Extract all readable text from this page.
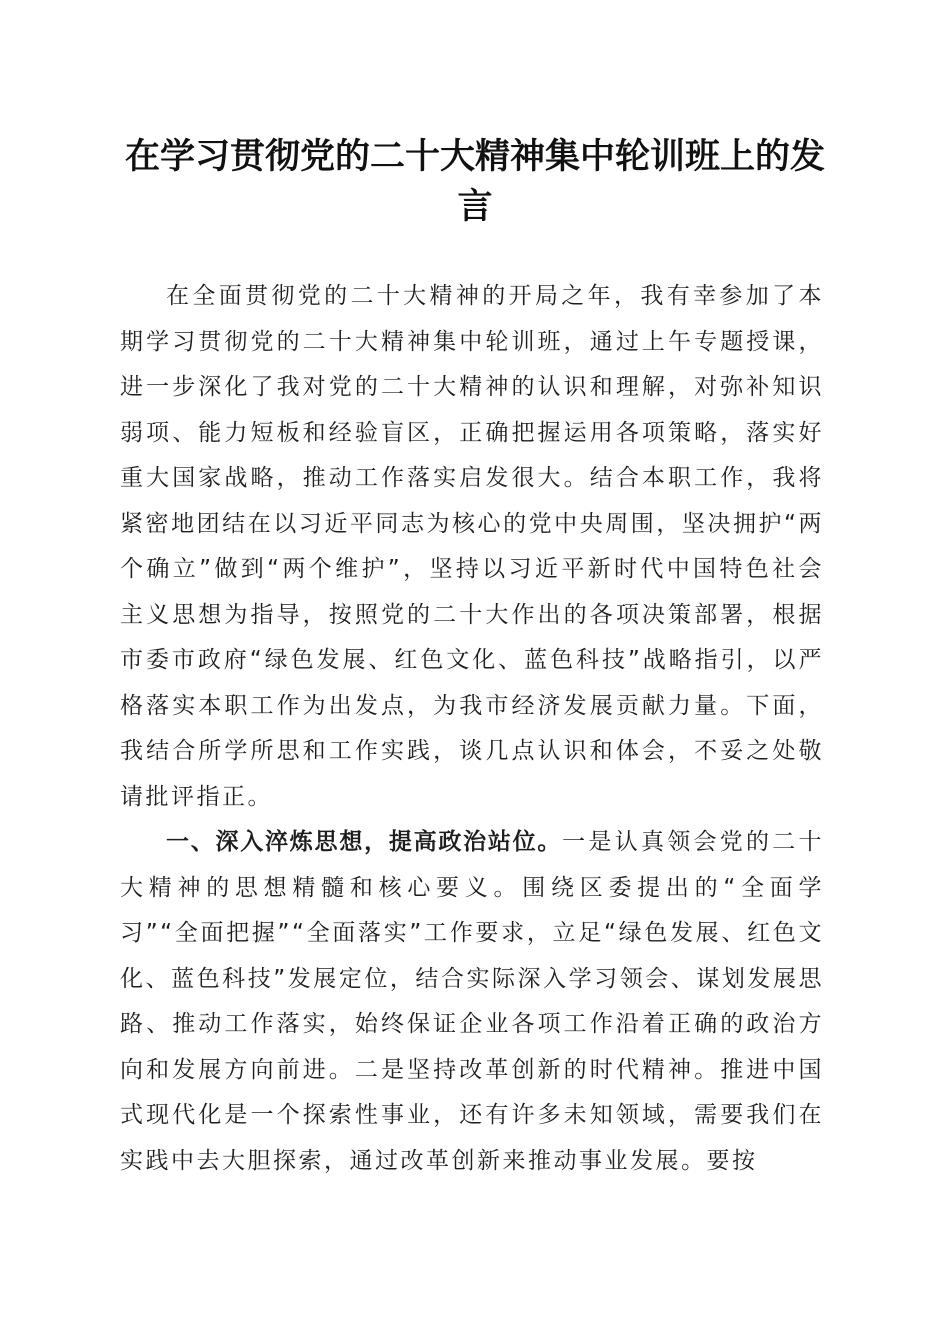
在学习贯彻党的二十大精神集中轮训班上的发言

在全面贯彻党的二十大精神的开局之年，我有幸参加了本期学习贯彻党的二十大精神集中轮训班，通过上午专题授课，进一步深化了我对党的二十大精神的认识和理解，对弥补知识弱项、能力短板和经验盲区，正确把握运用各项策略，落实好重大国家战略，推动工作落实启发很大。结合本职工作，我将紧密地团结在以习近平同志为核心的党中央周围，坚决拥护“两个确立”做到“两个维护”，坚持以习近平新时代中国特色社会主义思想为指导，按照党的二十大作出的各项决策部署，根据市委市政府“绿色发展、红色文化、蓝色科技”战略指引，以严格落实本职工作为出发点，为我市经济发展贡献力量。下面，我结合所学所思和工作实践，谈几点认识和体会，不妥之处敬请批评指正。

一、深入淬炼思想，提高政治站位。一是认真领会党的二十大精神的思想精髓和核心要义。围绕区委提出的“全面学习”“全面把握”“全面落实”工作要求，立足“绿色发展、红色文化、蓝色科技”发展定位，结合实际深入学习领会、谋划发展思路、推动工作落实，始终保证企业各项工作沿着正确的政治方向和发展方向前进。二是坚持改革创新的时代精神。推进中国式现代化是一个探索性事业，还有许多未知领域，需要我们在实践中去大胆探索，通过改革创新来推动事业发展。要按
